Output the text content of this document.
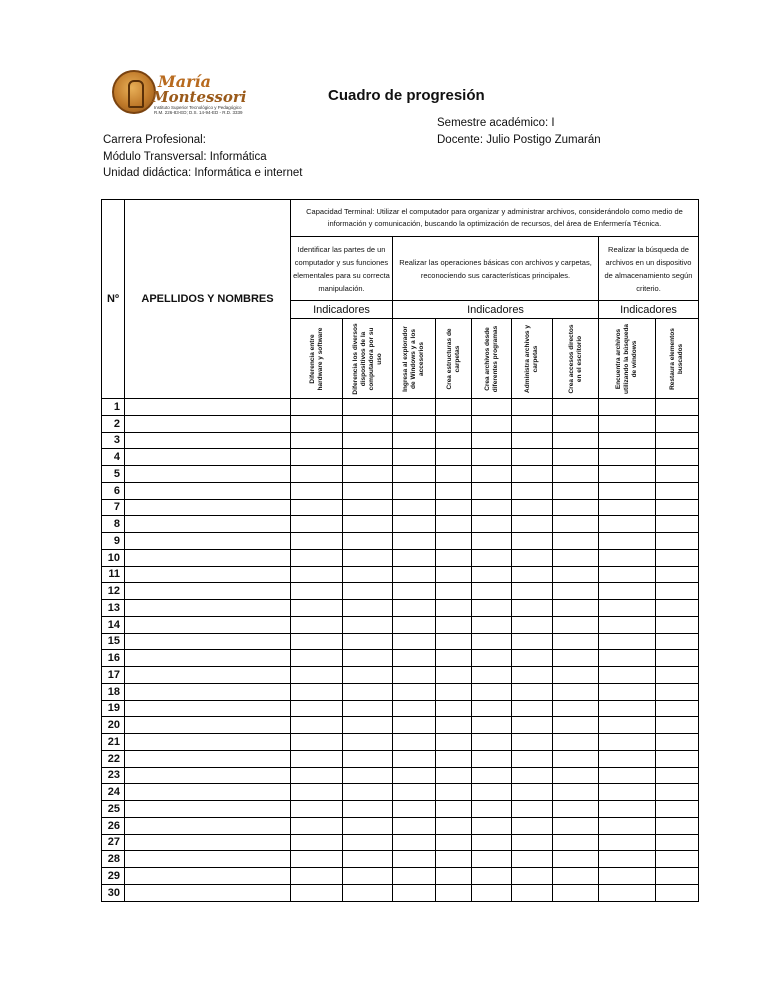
María
Montessori
Instituto Superior Tecnológico y Pedagógico
R.M. 226-83-ED; D.S. 14-94-ED - R.D. 3339
Cuadro de progresión
Semestre académico: I
Docente: Julio Postigo Zumarán
Carrera Profesional:
Módulo Transversal: Informática
Unidad didáctica: Informática e internet
Nº	APELLIDOS Y NOMBRES	Capacidad Terminal: Utilizar el computador para organizar y administrar archivos, considerándolo como medio de información y comunicación, buscando la optimización de recursos, del área de Enfermería Técnica.								
		Identificar las partes de un computador y sus funciones elementales para su correcta manipulación.		Realizar las operaciones básicas con archivos y carpetas, reconociendo sus características principales.					Realizar la búsqueda de archivos en un dispositivo de almacenamiento según criterio.	
		Indicadores		Indicadores					Indicadores	

		Diferencia entre hardware y software	Diferencia los diversos dispositivos de la computadora por su uso	Ingresa al explorador de Windows y a los accesorios	Crea estructuras de carpetas	Crea archivos desde diferentes programas	Administra archivos y carpetas	Crea accesos directos en el escritorio	Encuentra archivos utilizando la búsqueda de windows	Restaura elementos buscados

1										
2										
3										
4										
5										
6										
7										
8										
9										
10										
11										
12										
13										
14										
15										
16										
17										
18										
19										
20										
21										
22										
23										
24										
25										
26										
27										
28										
29										
30										
